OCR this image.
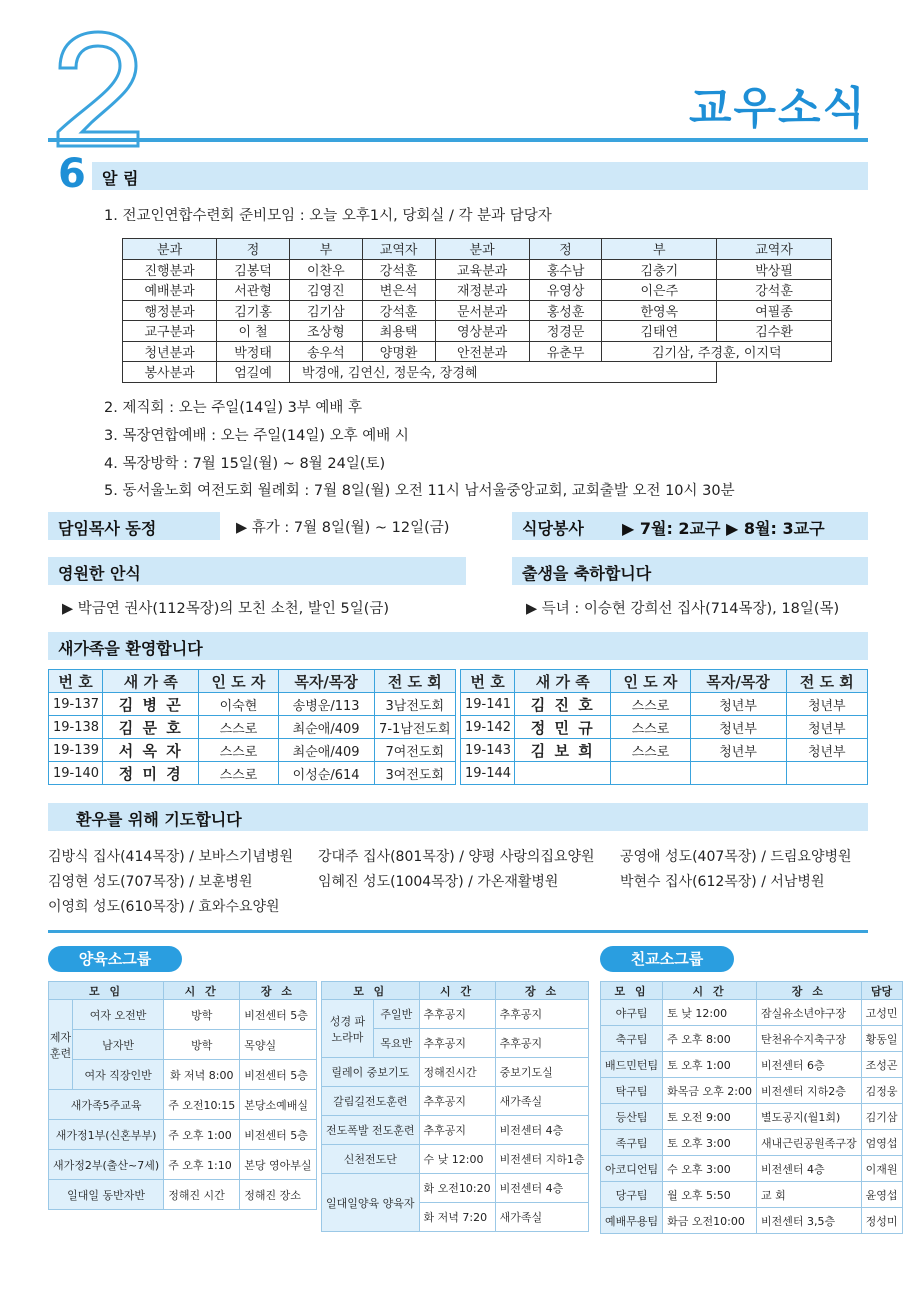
교우소식
6 알 림
1. 전교인연합수련회 준비모임 : 오늘 오후1시, 당회실 / 각 분과 담당자
분과	정	부	교역자	분과	정	부	교역자
진행분과	김봉덕	이찬우	강석훈	교육분과	홍수남	김충기	박상필
예배분과	서관형	김영진	변은석	재정분과	유영상	이은주	강석훈
행정분과	김기홍	김기삼	강석훈	문서분과	홍성훈	한영옥	여필종
교구분과	이 철	조상형	최용택	영상분과	정경문	김태연	김수환
청년분과	박정태	송우석	양명환	안전분과	유춘무	김기삼, 주경훈, 이지덕	
봉사분과	엄길예	박경애, 김연신, 정문숙, 장경혜					
2. 제직회 : 오는 주일(14일) 3부 예배 후
3. 목장연합예배 : 오는 주일(14일) 오후 예배 시
4. 목장방학 : 7월 15일(월) ~ 8월 24일(토)
5. 동서울노회 여전도회 월례회 : 7월 8일(월) 오전 11시 남서울중앙교회, 교회출발 오전 10시 30분
담임목사 동정	▶ 휴가 : 7월 8일(월) ~ 12일(금)	식당봉사 ▶ 7월: 2교구 ▶ 8월: 3교구
영원한 안식
▶ 박금연 권사(112목장)의 모친 소천, 발인 5일(금)
출생을 축하합니다
▶ 득녀 : 이승현 강희선 집사(714목장), 18일(목)
새가족을 환영합니다
번 호	새 가 족	인 도 자	목자/목장	전 도 회
19-137	김 병 곤	이숙현	송병운/113	3남전도회
19-138	김 문 호	스스로	최순애/409	7-1남전도회
19-139	서 옥 자	스스로	최순애/409	7여전도회
19-140	정 미 경	스스로	이성순/614	3여전도회
번 호	새 가 족	인 도 자	목자/목장	전 도 회
19-141	김 진 호	스스로	청년부	청년부
19-142	정 민 규	스스로	청년부	청년부
19-143	김 보 희	스스로	청년부	청년부
19-144				
환우를 위해 기도합니다
김방식 집사(414목장) / 보바스기념병원
김영현 성도(707목장) / 보훈병원
이영희 성도(610목장) / 효와수요양원
강대주 집사(801목장) / 양평 사랑의집요양원
임혜진 성도(1004목장) / 가온재활병원
공영애 성도(407목장) / 드림요양병원
박현수 집사(612목장) / 서남병원
양육소그룹	친교소그룹
모 임		시 간	장 소
제자훈련	여자 오전반	방학	비전센터 5층
	남자반	방학	목양실
	여자 직장인반	화 저녁 8:00	비전센터 5층
새가족5주교육		주 오전10:15	본당소예배실
새가정1부(신혼부부)		주 오후 1:00	비전센터 5층
새가정2부(출산~7세)		주 오후 1:10	본당 영아부실
일대일 동반자반		정해진 시간	정해진 장소
모 임		시 간	장 소
성경 파노라마	주일반	추후공지	추후공지
	목요반	추후공지	추후공지
릴레이 중보기도		정해진시간	중보기도실
갈림길전도훈련		추후공지	새가족실
전도폭발 전도훈련		추후공지	비전센터 4층
신천전도단		수 낮 12:00	비전센터 지하1층
일대일양육 양육자		화 오전10:20	비전센터 4층
		화 저녁 7:20	새가족실
모 임	시 간	장 소	담당
야구팀	토 낮 12:00	잠실유소년야구장	고성민
축구팀	주 오후 8:00	탄천유수지축구장	황동일
배드민턴팀	토 오후 1:00	비전센터 6층	조성곤
탁구팀	화목금 오후 2:00	비전센터 지하2층	김정웅
등산팀	토 오전 9:00	별도공지(월1회)	김기삼
족구팀	토 오후 3:00	새내근린공원족구장	엄영섭
아코디언팀	수 오후 3:00	비전센터 4층	이재원
당구팀	월 오후 5:50	교 회	윤영섭
예배무용팀	화금 오전10:00	비전센터 3,5층	정성미
